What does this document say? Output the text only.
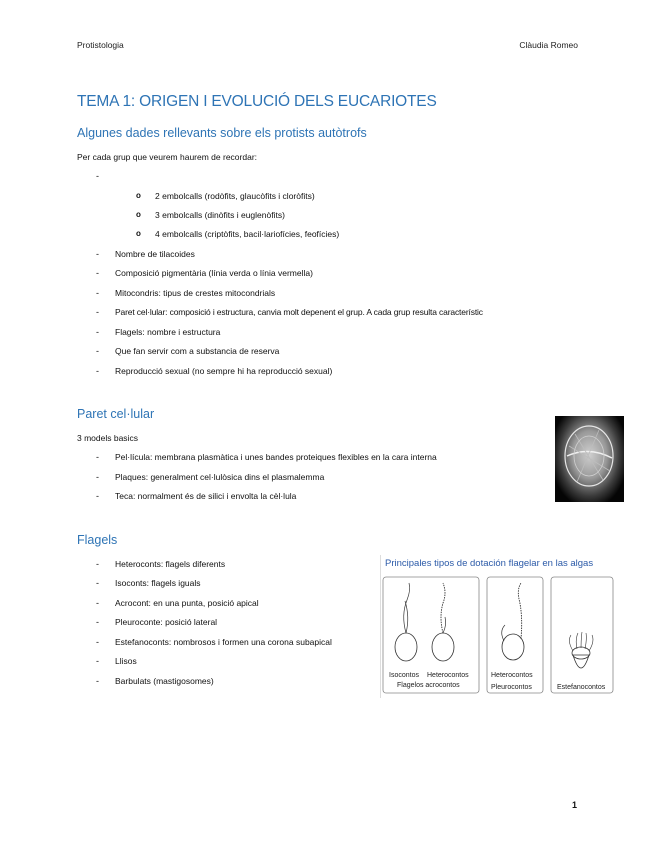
Protistologia	Clàudia Romeo
TEMA 1: ORIGEN I EVOLUCIÓ DELS EUCARIOTES
Algunes dades rellevants sobre els protists autòtrofs
Per cada grup que veurem haurem de recordar:
-
o 2 embolcalls (rodòfits, glaucòfits i cloròfits)
o 3 embolcalls (dinòfits i euglenòfits)
o 4 embolcalls (criptòfits, bacil·lariofícies, feofícies)
- Nombre de tilacoides
- Composició pigmentària (línia verda o línia vermella)
- Mitocondris: tipus de crestes mitocondrials
- Paret cel·lular: composició i estructura, canvia molt depenent el grup. A cada grup resulta característic
- Flagels: nombre i estructura
- Que fan servir com a substancia de reserva
- Reproducció sexual (no sempre hi ha reproducció sexual)
Paret cel·lular
3 models basics
- Pel·lícula: membrana plasmàtica i unes bandes proteiques flexibles en la cara interna
- Plaques: generalment cel·lulòsica dins el plasmalemma
- Teca: normalment és de silici i envolta la cèl·lula
Flagels
- Heteroconts: flagels diferents
- Isoconts: flagels iguals
- Acrocont: en una punta, posició apical
- Pleuroconte: posició lateral
- Estefanoconts: nombrosos i formen una corona subapical
- Llisos
- Barbulats (mastigosomes)
Principales tipos de dotación flagelar en las algas
Isocontos Heterocontos
Flagelos acrocontos
Heterocontos
Pleurocontos	Estefanocontos
1
